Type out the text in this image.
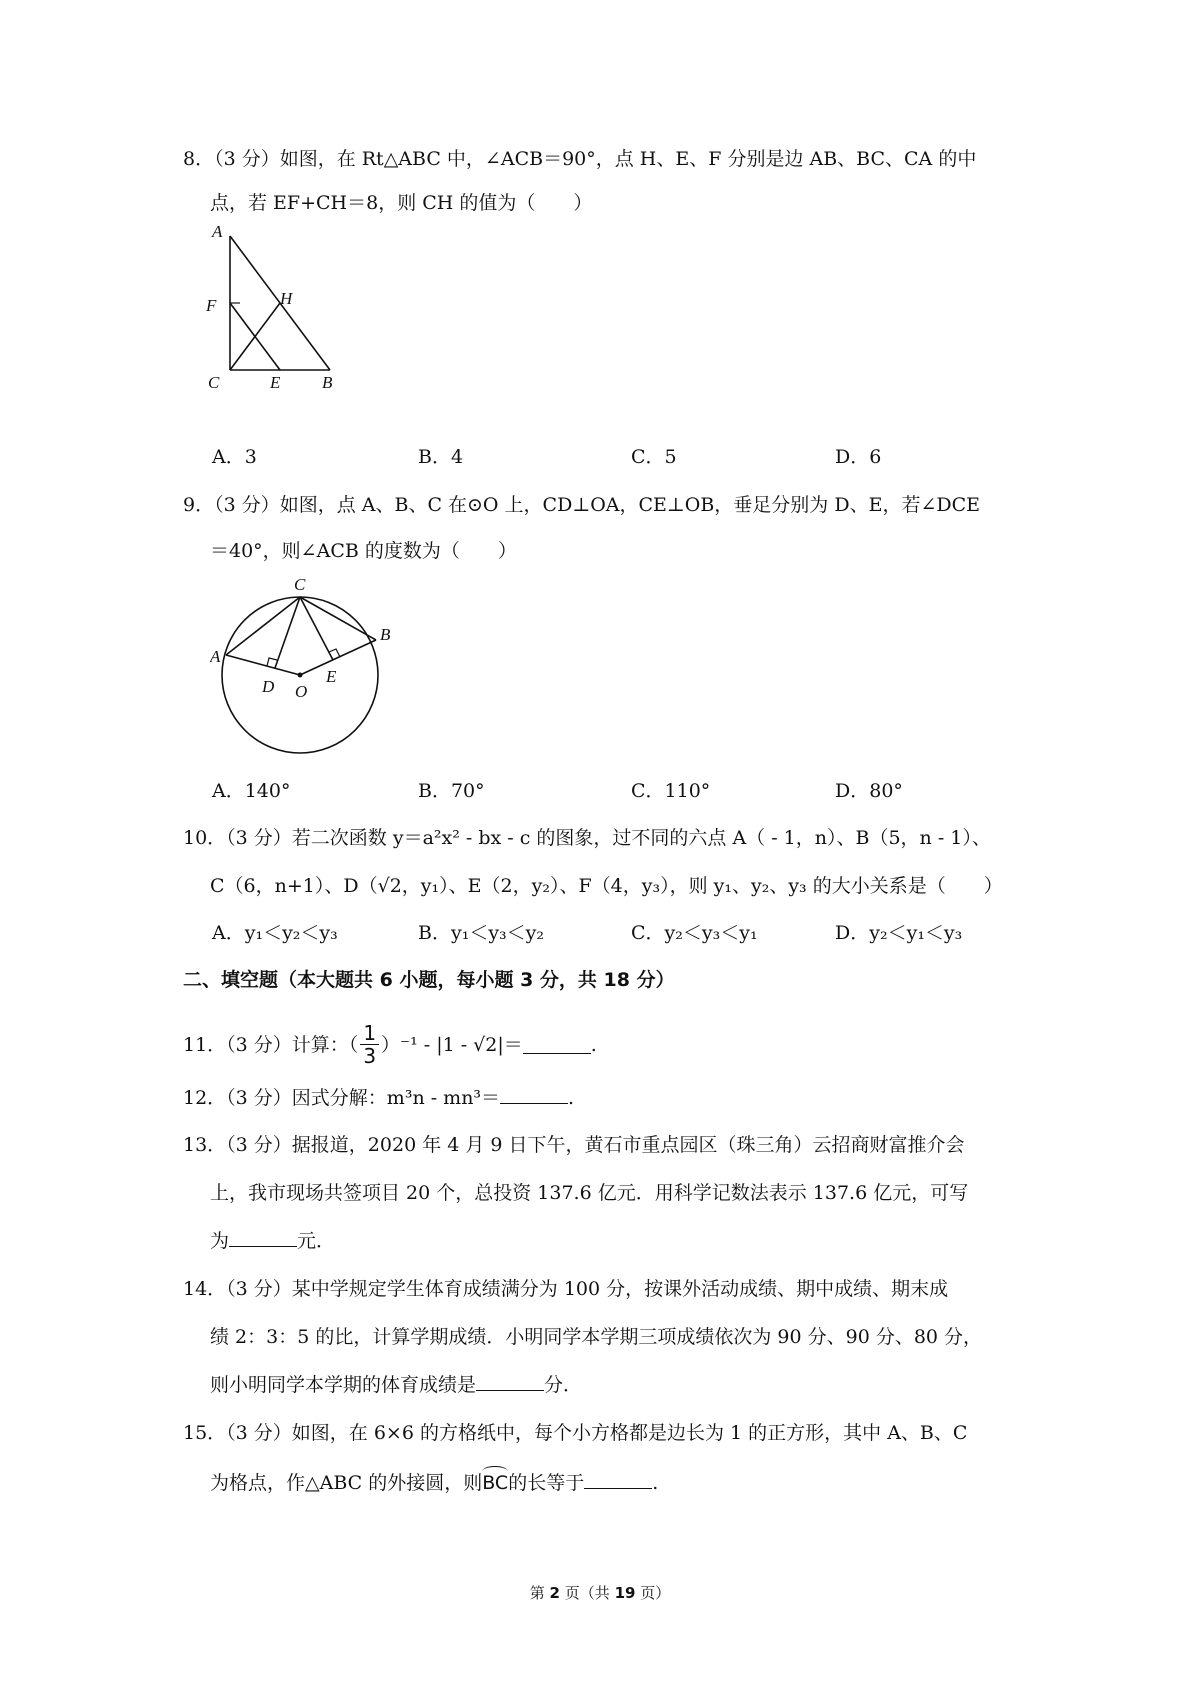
8．（3 分）如图，在 Rt△ABC 中，∠ACB＝90°，点 H、E、F 分别是边 AB、BC、CA 的中
点，若 EF+CH＝8，则 CH 的值为（　　）
A
F	H
C	E B
A．3	B．4	C．5	D．6
9．（3 分）如图，点 A、B、C 在⊙O 上，CD⊥OA，CE⊥OB，垂足分别为 D、E，若∠DCE
＝40°，则∠ACB 的度数为（　　）
C
A
B
D O
E
A．140°	B．70°	C．110°	D．80°
10．（3 分）若二次函数 y＝a²x² - bx - c 的图象，过不同的六点 A（ - 1，n）、B（5，n - 1）、
C（6，n+1）、D（√2，y₁）、E（2，y₂）、F（4，y₃），则 y₁、y₂、y₃ 的大小关系是（　　）
A．y₁＜y₂＜y₃	B．y₁＜y₃＜y₂	C．y₂＜y₃＜y₁	D．y₂＜y₁＜y₃
二、填空题（本大题共 6 小题，每小题 3 分，共 18 分）
11．（3 分）计算：（ $\frac{1}{3} )^{-1} - |1 - √2|=$	.
12．（3 分）因式分解：m³n - mn³＝	.
13．（3 分）据报道，2020 年 4 月 9 日下午，黄石市重点园区（珠三角）云招商财富推介会
上，我市现场共签项目 20 个，总投资 137.6 亿元．用科学记数法表示 137.6 亿元，可写
为	元．
14．（3 分）某中学规定学生体育成绩满分为 100 分，按课外活动成绩、期中成绩、期末成
绩 2：3：5 的比，计算学期成绩．小明同学本学期三项成绩依次为 90 分、90 分、80 分，
则小明同学本学期的体育成绩是	分．
15．（3 分）如图，在 6×6 的方格纸中，每个小方格都是边长为 1 的正方形，其中 A、B、C
为格点，作△ABC 的外接圆，则
BC的长等于	.
第 2 页（共 19 页）
